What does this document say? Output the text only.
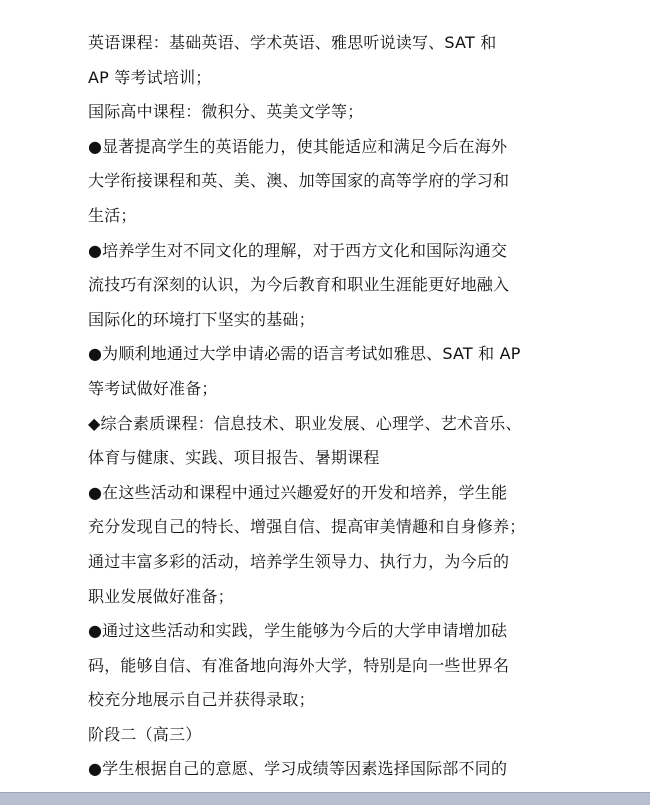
英语课程：基础英语、学术英语、雅思听说读写、SAT 和
AP 等考试培训；
国际高中课程：微积分、英美文学等；
●显著提高学生的英语能力，使其能适应和满足今后在海外
大学衔接课程和英、美、澳、加等国家的高等学府的学习和
生活；
●培养学生对不同文化的理解，对于西方文化和国际沟通交
流技巧有深刻的认识，为今后教育和职业生涯能更好地融入
国际化的环境打下坚实的基础；
●为顺利地通过大学申请必需的语言考试如雅思、SAT 和 AP
等考试做好准备；
◆综合素质课程：信息技术、职业发展、心理学、艺术音乐、
体育与健康、实践、项目报告、暑期课程
●在这些活动和课程中通过兴趣爱好的开发和培养，学生能
充分发现自己的特长、增强自信、提高审美情趣和自身修养；
通过丰富多彩的活动，培养学生领导力、执行力，为今后的
职业发展做好准备；
●通过这些活动和实践，学生能够为今后的大学申请增加砝
码，能够自信、有准备地向海外大学，特别是向一些世界名
校充分地展示自己并获得录取；
阶段二（高三）
●学生根据自己的意愿、学习成绩等因素选择国际部不同的
